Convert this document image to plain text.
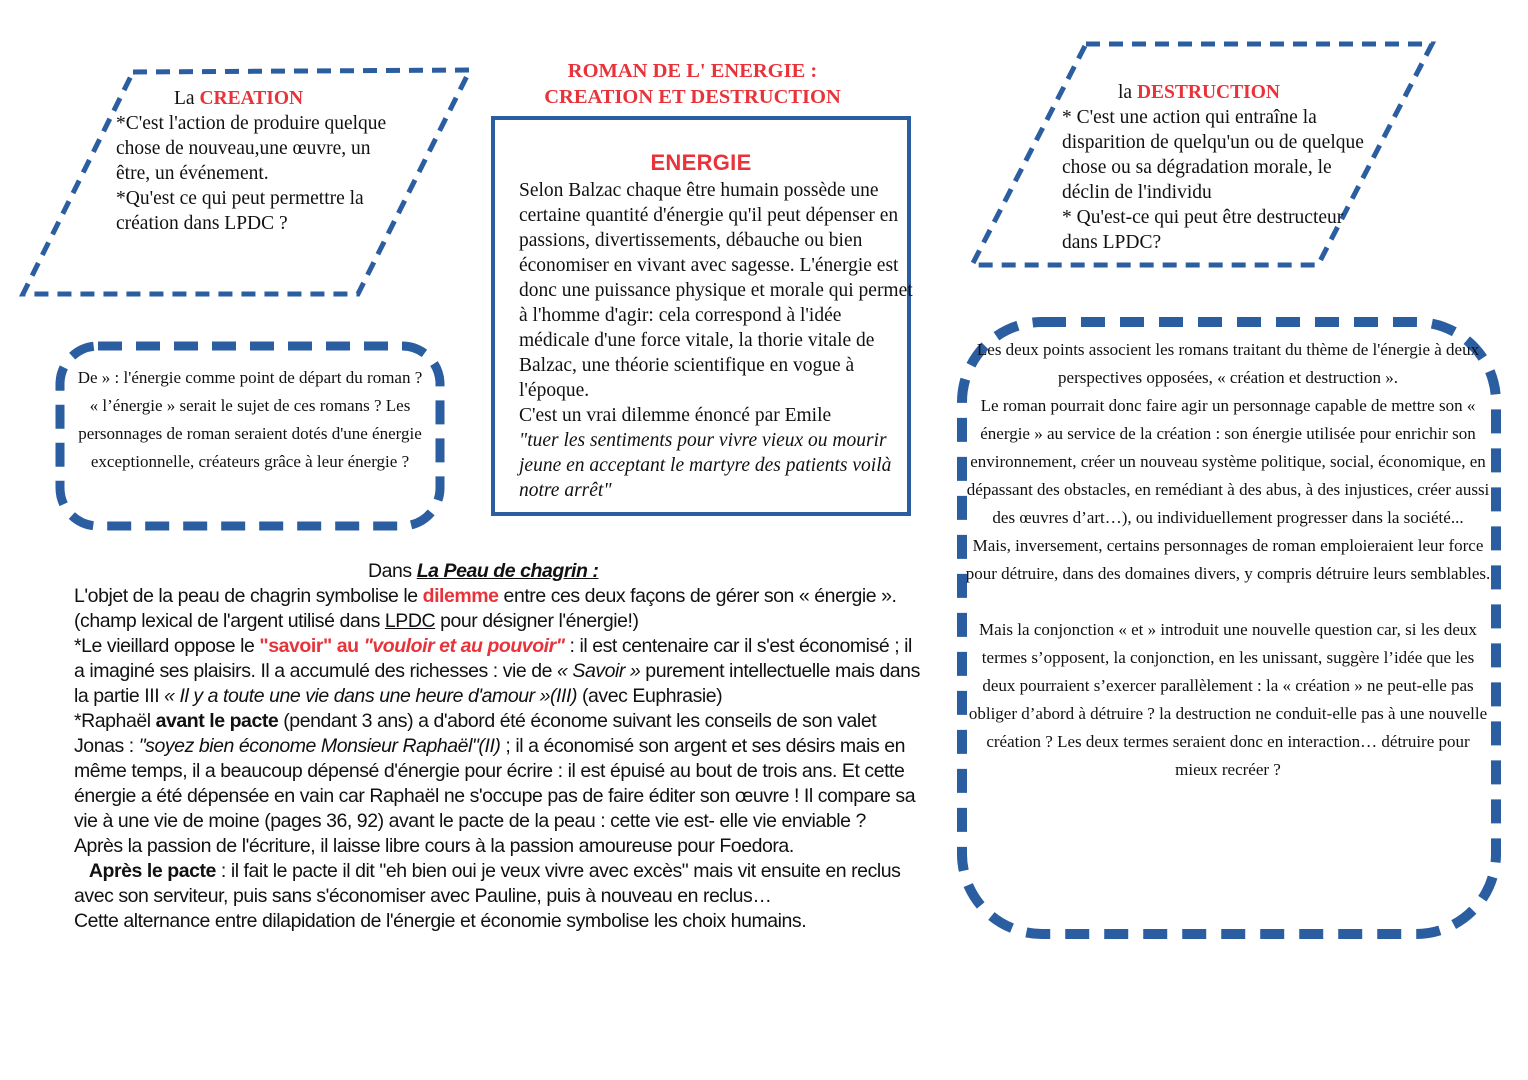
ROMAN DE L' ENERGIE :
CREATION ET DESTRUCTION
La CREATION
*C'est l'action de produire quelque chose de nouveau,une œuvre, un être, un événement.
*Qu'est ce qui peut permettre la création dans LPDC ?
la DESTRUCTION
* C'est une action qui entraîne la disparition de quelqu'un ou de quelque chose ou sa dégradation morale, le déclin de l'individu
* Qu'est-ce qui peut être destructeur dans LPDC?
ENERGIE
Selon Balzac chaque être humain possède une certaine quantité d'énergie qu'il peut dépenser en passions, divertissements, débauche ou bien économiser en vivant avec sagesse. L'énergie est donc une puissance physique et morale qui permet à l'homme d'agir: cela correspond à l'idée médicale d'une force vitale, la thorie vitale de Balzac, une théorie scientifique en vogue à l'époque.
C'est un vrai dilemme énoncé par Emile
"tuer les sentiments pour vivre vieux ou mourir jeune en acceptant le martyre des patients voilà notre arrêt"
De » : l'énergie comme point de départ du roman ? « l’énergie » serait le sujet de ces romans ? Les personnages de roman seraient dotés d'une énergie exceptionnelle, créateurs grâce à leur énergie ?

Les deux points associent les romans traitant du thème de l'énergie à deux perspectives opposées, « création et destruction ».

Le roman pourrait donc faire agir un personnage capable de mettre son « énergie » au service de la création : son énergie utilisée pour enrichir son environnement, créer un nouveau système politique, social, économique, en dépassant des obstacles, en remédiant à des abus, à des injustices, créer aussi des œuvres d’art…), ou individuellement progresser dans la société...

Mais, inversement, certains personnages de roman emploieraient leur force pour détruire, dans des domaines divers, y compris détruire leurs semblables.

Mais la conjonction « et » introduit une nouvelle question car, si les deux termes s’opposent, la conjonction, en les unissant, suggère l’idée que les deux pourraient s’exercer parallèlement : la « création » ne peut-elle pas obliger d’abord à détruire ? la destruction ne conduit-elle pas à une nouvelle création ? Les deux termes seraient donc en interaction… détruire pour mieux recréer ?

Dans La Peau de chagrin :
L'objet de la peau de chagrin symbolise le dilemme entre ces deux façons de gérer son « énergie ». (champ lexical de l'argent utilisé dans LPDC pour désigner l'énergie!)
*Le vieillard oppose le "savoir" au "vouloir et au pouvoir" : il est centenaire car il s'est économisé ; il a imaginé ses plaisirs. Il a accumulé des richesses : vie de « Savoir » purement intellectuelle mais dans la partie III « Il y a toute une vie dans une heure d'amour »(III) (avec Euphrasie)
*Raphaël avant le pacte (pendant 3 ans) a d'abord été économe suivant les conseils de son valet Jonas : "soyez bien économe Monsieur Raphaël"(II) ; il a économisé son argent et ses désirs mais en même temps, il a beaucoup dépensé d'énergie pour écrire : il est épuisé au bout de trois ans. Et cette énergie a été dépensée en vain car Raphaël ne s'occupe pas de faire éditer son œuvre ! Il compare sa vie à une vie de moine (pages 36, 92) avant le pacte de la peau : cette vie est- elle vie enviable ?
Après la passion de l'écriture, il laisse libre cours à la passion amoureuse pour Foedora.
Après le pacte : il fait le pacte il dit "eh bien oui je veux vivre avec excès" mais vit ensuite en reclus avec son serviteur, puis sans s'économiser avec Pauline, puis à nouveau en reclus…
Cette alternance entre dilapidation de l'énergie et économie symbolise les choix humains.
